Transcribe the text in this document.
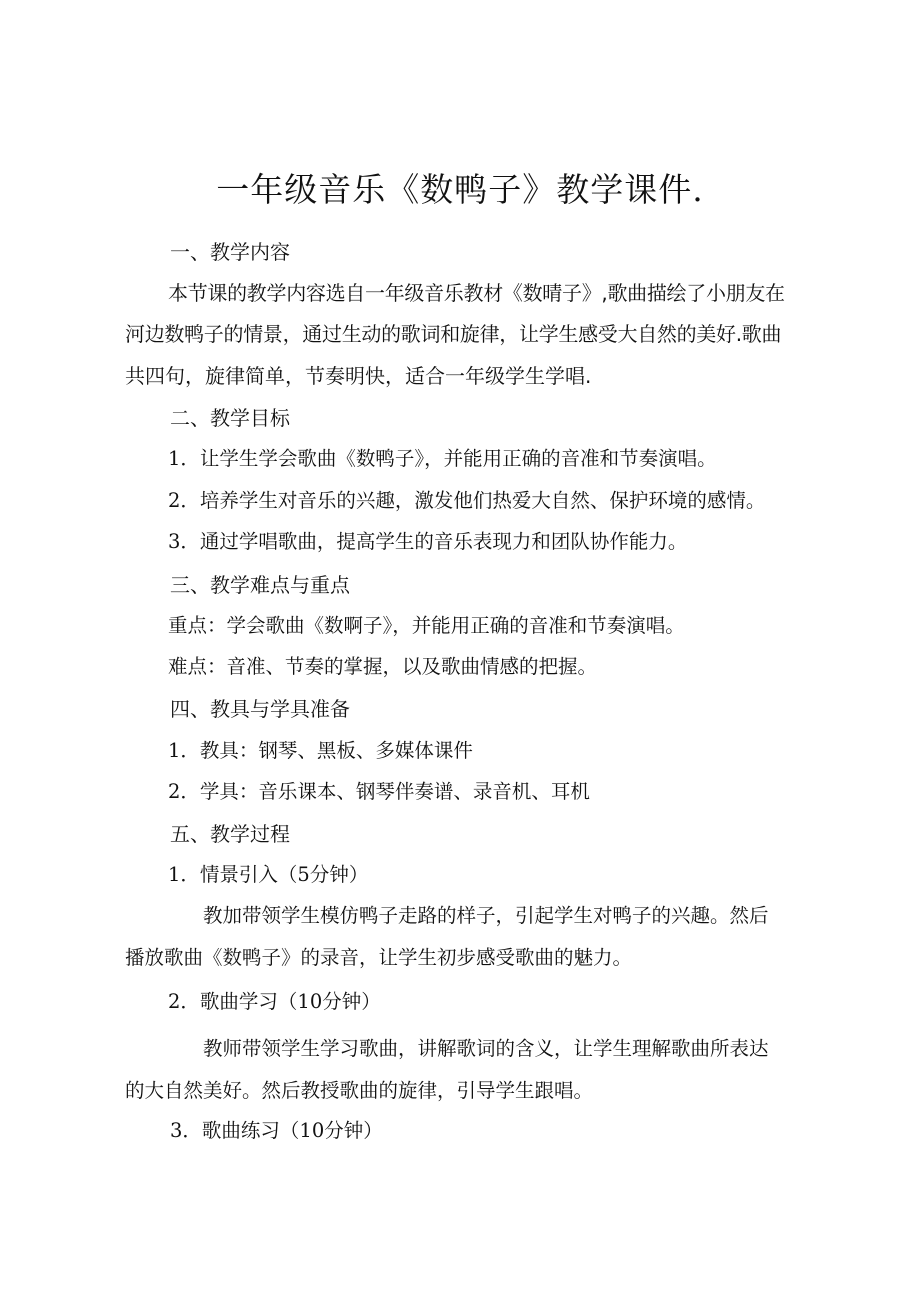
一年级音乐《数鸭子》教学课件.
一、教学内容
本节课的教学内容选自一年级音乐教材《数晴子》,歌曲描绘了小朋友在
河边数鸭子的情景，通过生动的歌词和旋律，让学生感受大自然的美好.歌曲
共四句，旋律简单，节奏明快，适合一年级学生学唱.
二、教学目标
1．让学生学会歌曲《数鸭子》，并能用正确的音准和节奏演唱。
2．培养学生对音乐的兴趣，激发他们热爱大自然、保护环境的感情。
3．通过学唱歌曲，提高学生的音乐表现力和团队协作能力。
三、教学难点与重点
重点：学会歌曲《数啊子》，并能用正确的音准和节奏演唱。
难点：音准、节奏的掌握，以及歌曲情感的把握。
四、教具与学具准备
1．教具：钢琴、黑板、多媒体课件
2．学具：音乐课本、钢琴伴奏谱、录音机、耳机
五、教学过程
1．情景引入（5分钟）
教加带领学生模仿鸭子走路的样子，引起学生对鸭子的兴趣。然后
播放歌曲《数鸭子》的录音，让学生初步感受歌曲的魅力。
2．歌曲学习（10分钟）
教师带领学生学习歌曲，讲解歌词的含义，让学生理解歌曲所表达
的大自然美好。然后教授歌曲的旋律，引导学生跟唱。
3．歌曲练习（10分钟）
